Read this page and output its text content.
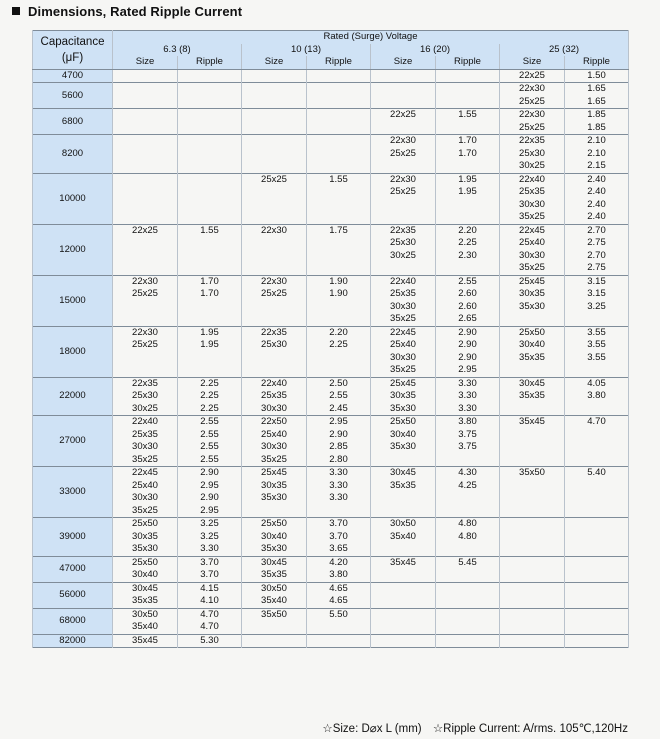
Dimensions, Rated Ripple Current
Capacitance
(μF)	Rated (Surge) Voltage							
	6.3 (8)		10 (13)		16 (20)		25 (32)	
	Size	Ripple	Size	Ripple	Size	Ripple	Size	Ripple
4700							22x25	1.50
5600							22x30	1.65
							25x25	1.65
6800					22x25	1.55	22x30	1.85
							25x25	1.85
8200					22x30	1.70	22x35	2.10
					25x25	1.70	25x30	2.10
							30x25	2.15
10000			25x25	1.55	22x30	1.95	22x40	2.40
					25x25	1.95	25x35	2.40
							30x30	2.40
							35x25	2.40
12000	22x25	1.55	22x30	1.75	22x35	2.20	22x45	2.70
					25x30	2.25	25x40	2.75
					30x25	2.30	30x30	2.70
							35x25	2.75
15000	22x30	1.70	22x30	1.90	22x40	2.55	25x45	3.15
	25x25	1.70	25x25	1.90	25x35	2.60	30x35	3.15
					30x30	2.60	35x30	3.25
					35x25	2.65		
18000	22x30	1.95	22x35	2.20	22x45	2.90	25x50	3.55
	25x25	1.95	25x30	2.25	25x40	2.90	30x40	3.55
					30x30	2.90	35x35	3.55
					35x25	2.95		
22000	22x35	2.25	22x40	2.50	25x45	3.30	30x45	4.05
	25x30	2.25	25x35	2.55	30x35	3.30	35x35	3.80
	30x25	2.25	30x30	2.45	35x30	3.30		
27000	22x40	2.55	22x50	2.95	25x50	3.80	35x45	4.70
	25x35	2.55	25x40	2.90	30x40	3.75		
	30x30	2.55	30x30	2.85	35x30	3.75		
	35x25	2.55	35x25	2.80				
33000	22x45	2.90	25x45	3.30	30x45	4.30	35x50	5.40
	25x40	2.95	30x35	3.30	35x35	4.25		
	30x30	2.90	35x30	3.30				
	35x25	2.95						
39000	25x50	3.25	25x50	3.70	30x50	4.80		
	30x35	3.25	30x40	3.70	35x40	4.80		
	35x30	3.30	35x30	3.65				
47000	25x50	3.70	30x45	4.20	35x45	5.45		
	30x40	3.70	35x35	3.80				
56000	30x45	4.15	30x50	4.65				
	35x35	4.10	35x40	4.65				
68000	30x50	4.70	35x50	5.50				
	35x40	4.70						
82000	35x45	5.30						
☆Size: D⌀x L (mm) ☆Ripple Current: A/rms. 105℃,120Hz
